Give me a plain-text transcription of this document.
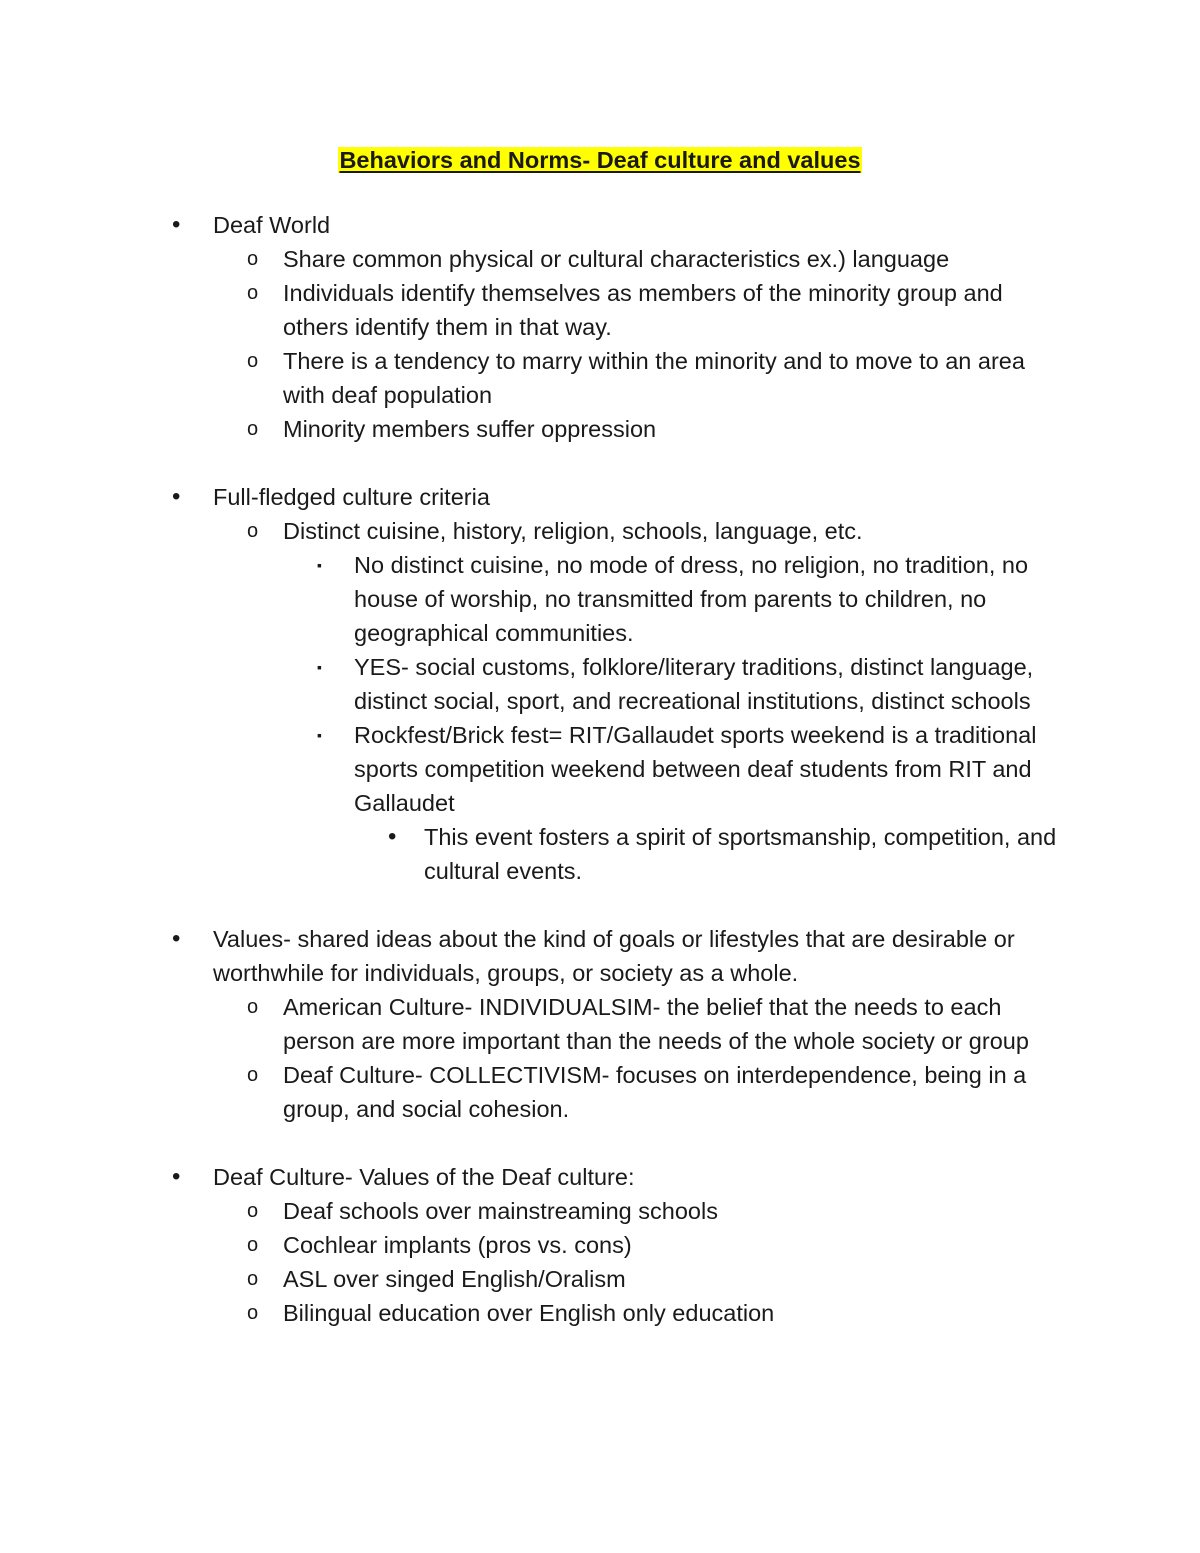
Behaviors and Norms- Deaf culture and values
• Deaf World
o Share common physical or cultural characteristics ex.) language
o Individuals identify themselves as members of the minority group and others identify them in that way.
o There is a tendency to marry within the minority and to move to an area with deaf population
o Minority members suffer oppression
• Full-fledged culture criteria
o Distinct cuisine, history, religion, schools, language, etc.
▪ No distinct cuisine, no mode of dress, no religion, no tradition, no house of worship, no transmitted from parents to children, no geographical communities.
▪ YES- social customs, folklore/literary traditions, distinct language, distinct social, sport, and recreational institutions, distinct schools
▪ Rockfest/Brick fest= RIT/Gallaudet sports weekend is a traditional sports competition weekend between deaf students from RIT and Gallaudet
• This event fosters a spirit of sportsmanship, competition, and cultural events.
• Values- shared ideas about the kind of goals or lifestyles that are desirable or worthwhile for individuals, groups, or society as a whole.
o American Culture- INDIVIDUALSIM- the belief that the needs to each person are more important than the needs of the whole society or group
o Deaf Culture- COLLECTIVISM- focuses on interdependence, being in a group, and social cohesion.
• Deaf Culture- Values of the Deaf culture:
o Deaf schools over mainstreaming schools
o Cochlear implants (pros vs. cons)
o ASL over singed English/Oralism
o Bilingual education over English only education
